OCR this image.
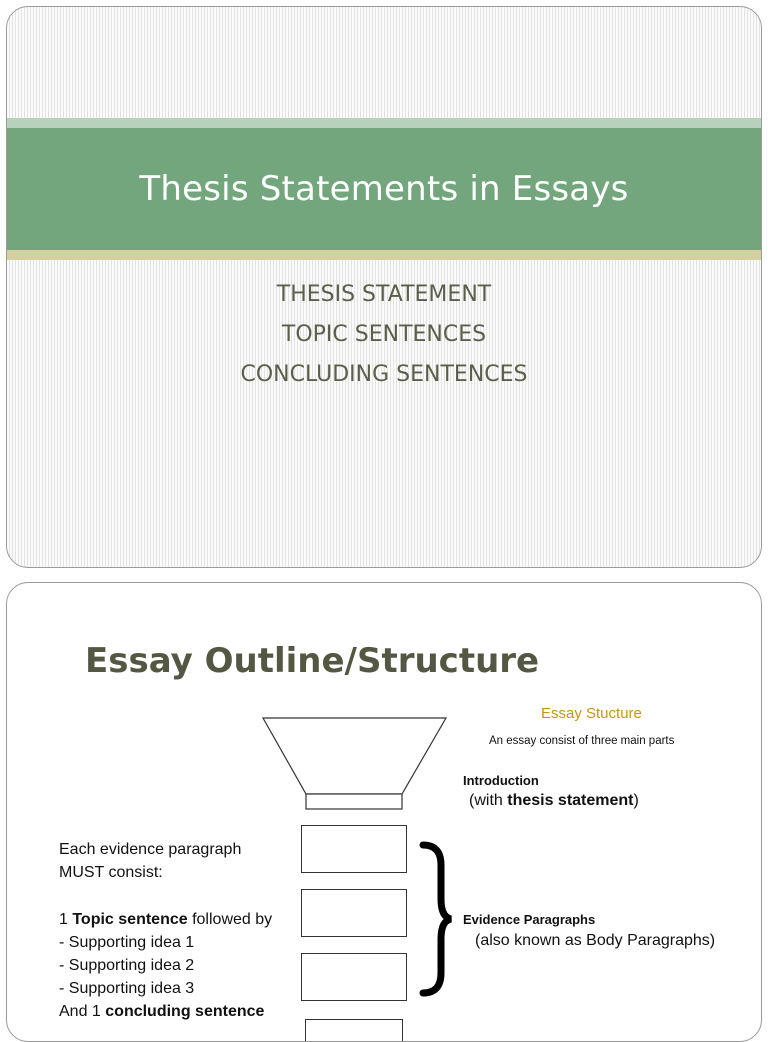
Thesis Statements in Essays
THESIS STATEMENT
TOPIC SENTENCES
CONCLUDING SENTENCES
Essay Outline/Structure

Essay Stucture

An essay consist of three main parts

Introduction

(with thesis statement)

Evidence Paragraphs

(also known as Body Paragraphs)

Each evidence paragraph
MUST consist:

1 Topic sentence followed by
- Supporting idea 1
- Supporting idea 2
- Supporting idea 3
And 1 concluding sentence
